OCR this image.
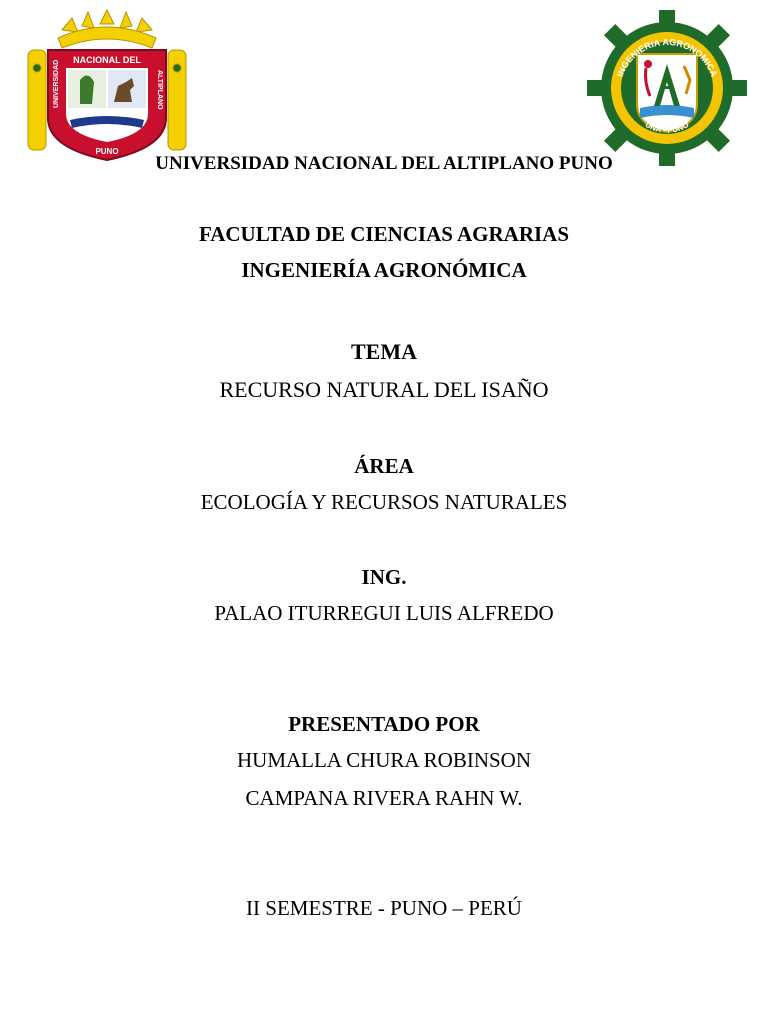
NACIONAL DEL
UNIVERSIDAD	ALTIPLANO
PUNO
INGENIERIA AGRONOMICA
UNA - PUNO
UNIVERSIDAD NACIONAL DEL ALTIPLANO PUNO
FACULTAD DE CIENCIAS AGRARIAS
INGENIERÍA AGRONÓMICA
TEMA
RECURSO NATURAL DEL ISAÑO
ÁREA
ECOLOGÍA Y RECURSOS NATURALES
ING.
PALAO ITURREGUI LUIS ALFREDO
PRESENTADO POR
HUMALLA CHURA ROBINSON
CAMPANA RIVERA RAHN W.
II SEMESTRE - PUNO – PERÚ
